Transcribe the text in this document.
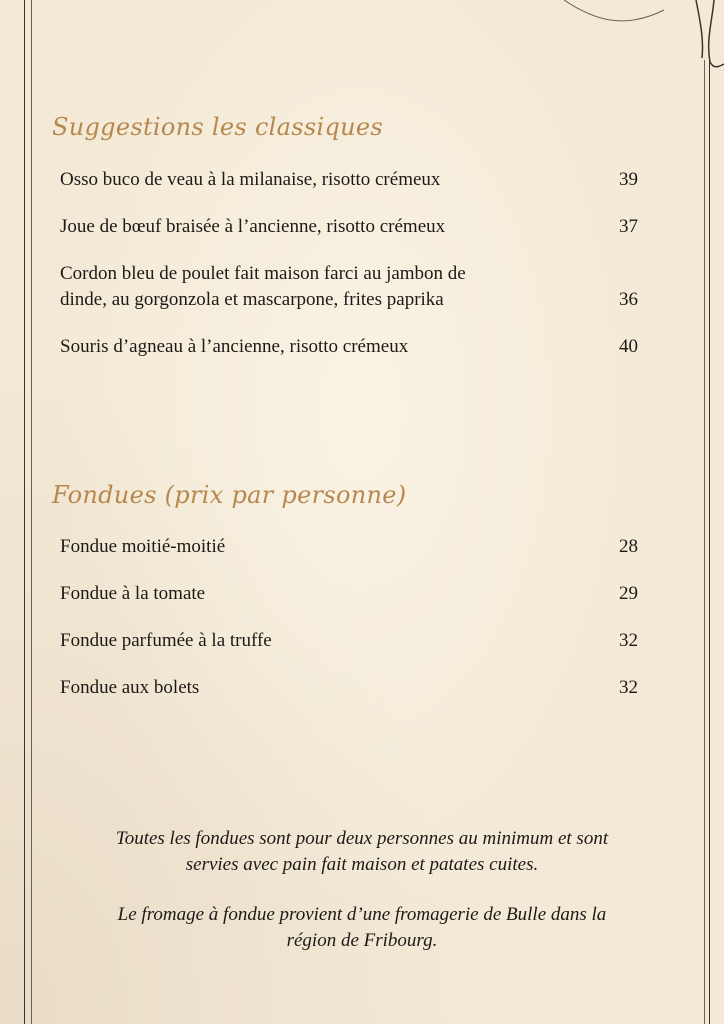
Suggestions les classiques
Osso buco de veau à la milanaise, risotto crémeux	39
Joue de bœuf braisée à l’ancienne, risotto crémeux	37
Cordon bleu de poulet fait maison farci au jambon de
dinde, au gorgonzola et mascarpone, frites paprika	36
Souris d’agneau à l’ancienne, risotto crémeux	40
Fondues (prix par personne)
Fondue moitié-moitié	28
Fondue à la tomate	29
Fondue parfumée à la truffe	32
Fondue aux bolets	32
Toutes les fondues sont pour deux personnes au minimum et sont
servies avec pain fait maison et patates cuites.
Le fromage à fondue provient d’une fromagerie de Bulle dans la
région de Fribourg.
